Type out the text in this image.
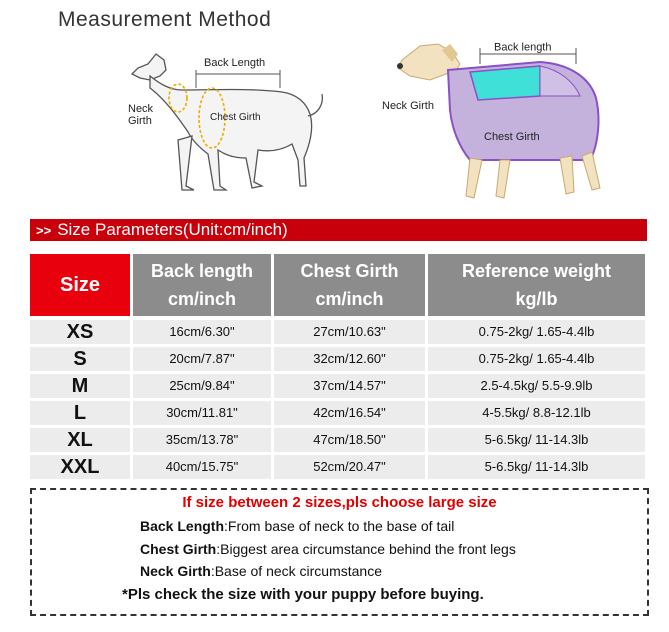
Measurement Method
Back Length
Neck
Girth	Chest Girth
Back length
Neck Girth
Chest Girth
>> Size Parameters(Unit:cm/inch)
Size
Back length
cm/inch
Chest Girth
cm/inch
Reference weight
kg/lb
XS	16cm/6.30"	27cm/10.63"	0.75-2kg/ 1.65-4.4lb
S	20cm/7.87"	32cm/12.60"	0.75-2kg/ 1.65-4.4lb
M	25cm/9.84"	37cm/14.57"	2.5-4.5kg/ 5.5-9.9lb
L	30cm/11.81"	42cm/16.54"	4-5.5kg/ 8.8-12.1lb
XL	35cm/13.78"	47cm/18.50"	5-6.5kg/ 11-14.3lb
XXL	40cm/15.75"	52cm/20.47"	5-6.5kg/ 11-14.3lb
If size between 2 sizes,pls choose large size
Back Length:From base of neck to the base of tail
Chest Girth:Biggest area circumstance behind the front legs
Neck Girth:Base of neck circumstance
*Pls check the size with your puppy before buying.
